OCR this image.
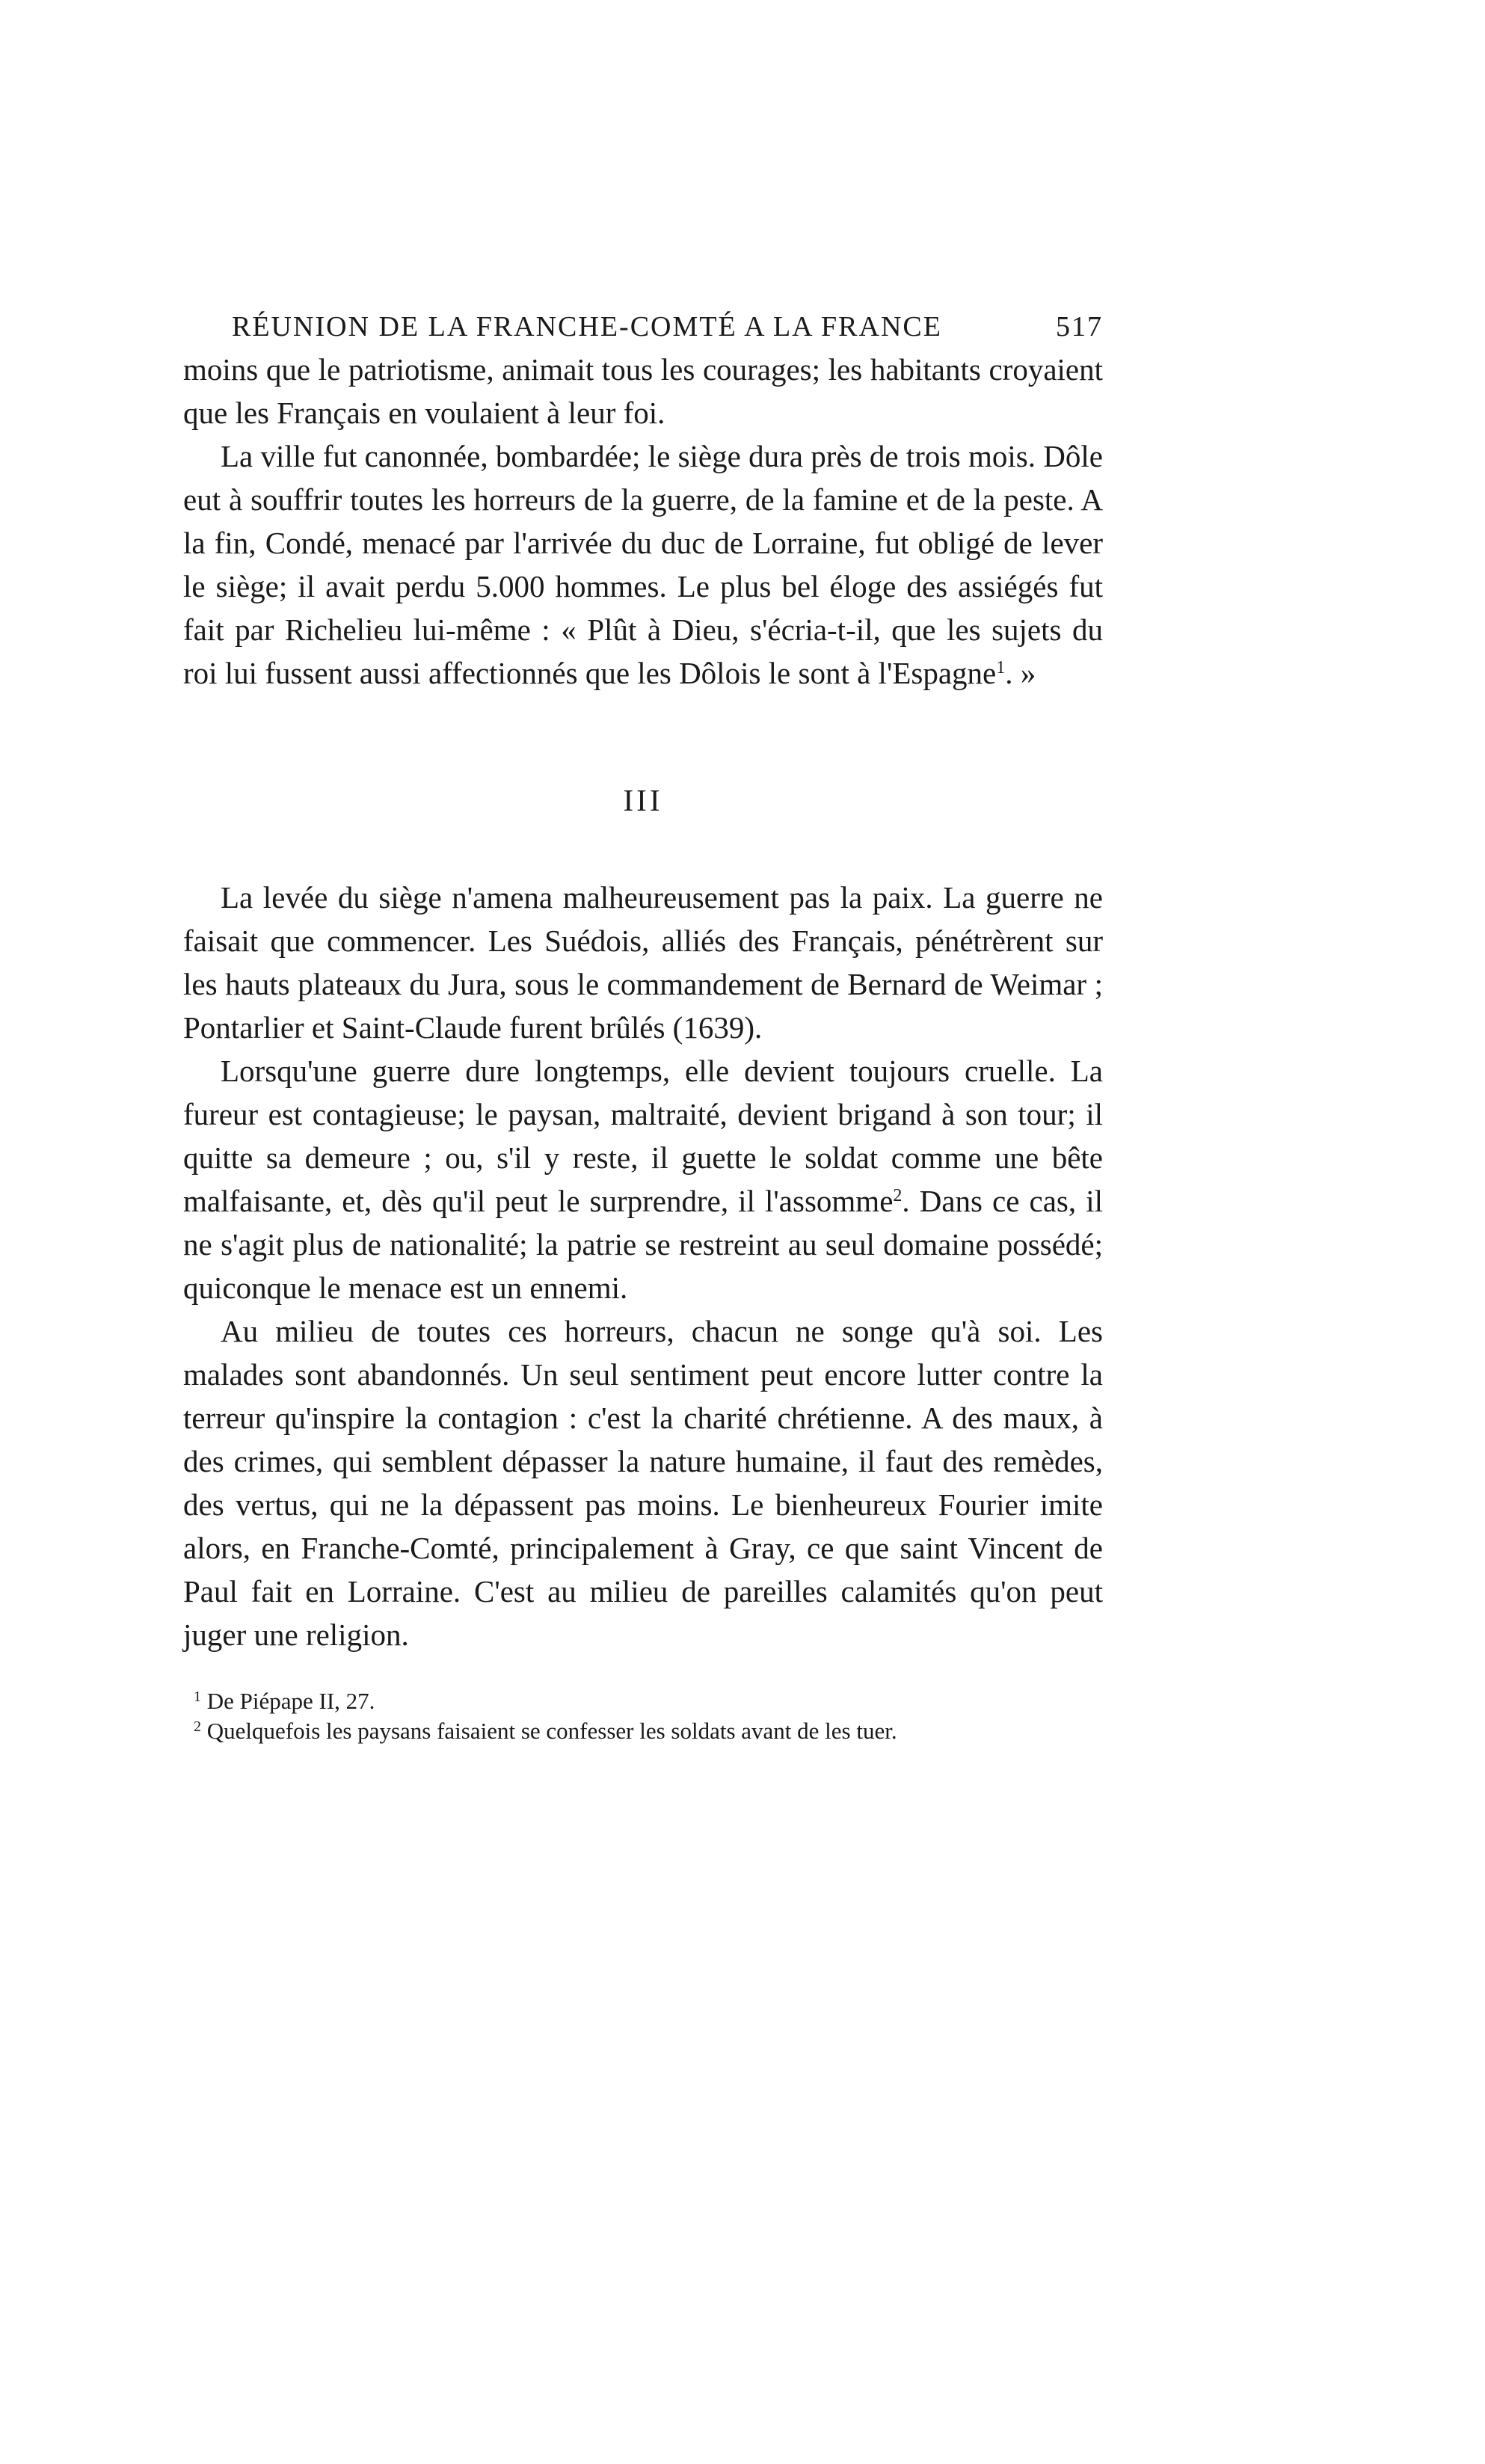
RÉUNION DE LA FRANCHE-COMTÉ A LA FRANCE	517

moins que le patriotisme, animait tous les courages; les habitants croyaient que les Français en voulaient à leur foi.

La ville fut canonnée, bombardée; le siège dura près de trois mois. Dôle eut à souffrir toutes les horreurs de la guerre, de la famine et de la peste. A la fin, Condé, menacé par l'arrivée du duc de Lorraine, fut obligé de lever le siège; il avait perdu 5.000 hommes. Le plus bel éloge des assiégés fut fait par Richelieu lui-même : « Plût à Dieu, s'écria-t-il, que les sujets du roi lui fussent aussi affectionnés que les Dôlois le sont à l'Espagne$^1$. »

III

La levée du siège n'amena malheureusement pas la paix. La guerre ne faisait que commencer. Les Suédois, alliés des Français, pénétrèrent sur les hauts plateaux du Jura, sous le commandement de Bernard de Weimar ; Pontarlier et Saint-Claude furent brûlés (1639).

Lorsqu'une guerre dure longtemps, elle devient toujours cruelle. La fureur est contagieuse; le paysan, maltraité, devient brigand à son tour; il quitte sa demeure ; ou, s'il y reste, il guette le soldat comme une bête malfaisante, et, dès qu'il peut le surprendre, il l'assomme$^2$. Dans ce cas, il ne s'agit plus de nationalité; la patrie se restreint au seul domaine possédé; quiconque le menace est un ennemi.

Au milieu de toutes ces horreurs, chacun ne songe qu'à soi. Les malades sont abandonnés. Un seul sentiment peut encore lutter contre la terreur qu'inspire la contagion : c'est la charité chrétienne. A des maux, à des crimes, qui semblent dépasser la nature humaine, il faut des remèdes, des vertus, qui ne la dépassent pas moins. Le bienheureux Fourier imite alors, en Franche-Comté, principalement à Gray, ce que saint Vincent de Paul fait en Lorraine. C'est au milieu de pareilles calamités qu'on peut juger une religion.

$^1$ De Piépape II, 27.

$^2$ Quelquefois les paysans faisaient se confesser les soldats avant de les tuer.
